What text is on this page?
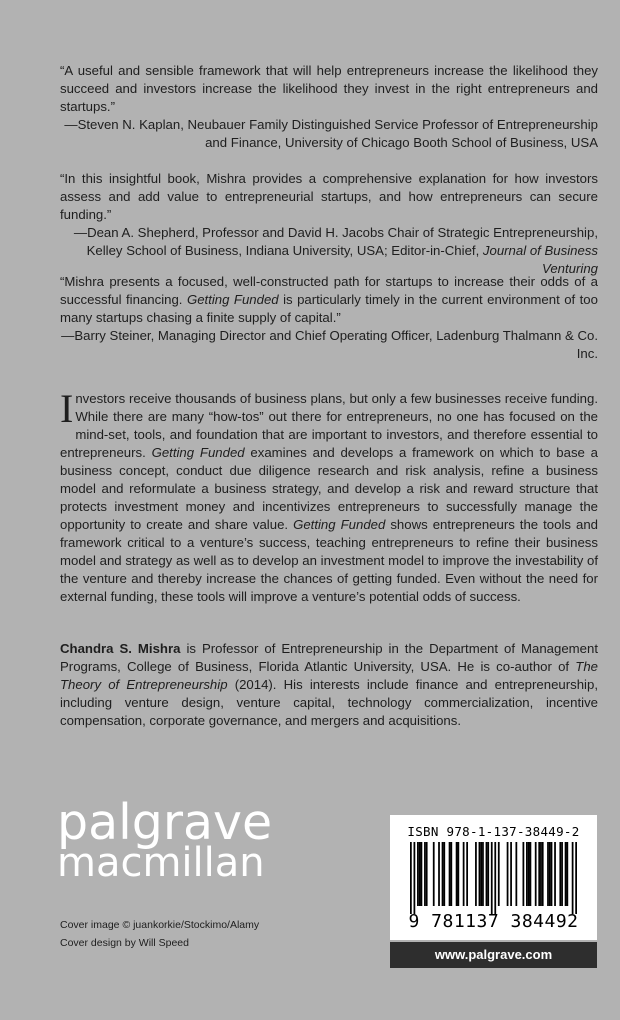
“A useful and sensible framework that will help entrepreneurs increase the likelihood they succeed and investors increase the likelihood they invest in the right entrepreneurs and startups.”

—Steven N. Kaplan, Neubauer Family Distinguished Service Professor of Entrepreneurship and Finance, University of Chicago Booth School of Business, USA

“In this insightful book, Mishra provides a comprehensive explanation for how investors assess and add value to entrepreneurial startups, and how entrepreneurs can secure funding.”

—Dean A. Shepherd, Professor and David H. Jacobs Chair of Strategic Entrepreneurship, Kelley School of Business, Indiana University, USA; Editor-in-Chief, Journal of Business Venturing

“Mishra presents a focused, well-constructed path for startups to increase their odds of a successful financing. Getting Funded is particularly timely in the current environment of too many startups chasing a finite supply of capital.”

—Barry Steiner, Managing Director and Chief Operating Officer, Ladenburg Thalmann & Co. Inc.

Investors receive thousands of business plans, but only a few businesses receive funding. While there are many “how-tos” out there for entrepreneurs, no one has focused on the mind-set, tools, and foundation that are important to investors, and therefore essential to entrepreneurs. Getting Funded examines and develops a framework on which to base a business concept, conduct due diligence research and risk analysis, refine a business model and reformulate a business strategy, and develop a risk and reward structure that protects investment money and incentivizes entrepreneurs to successfully manage the opportunity to create and share value. Getting Funded shows entrepreneurs the tools and framework critical to a venture’s success, teaching entrepreneurs to refine their business model and strategy as well as to develop an investment model to improve the investability of the venture and thereby increase the chances of getting funded. Even without the need for external funding, these tools will improve a venture’s potential odds of success.

Chandra S. Mishra is Professor of Entrepreneurship in the Department of Management Programs, College of Business, Florida Atlantic University, USA. He is co-author of The Theory of Entrepreneurship (2014). His interests include finance and entrepreneurship, including venture design, venture capital, technology commercialization, incentive compensation, corporate governance, and mergers and acquisitions.

palgrave
macmillan
Cover image © juankorkie/Stockimo/Alamy
Cover design by Will Speed
ISBN 978-1-137-38449-2
9 781137 384492
www.palgrave.com
